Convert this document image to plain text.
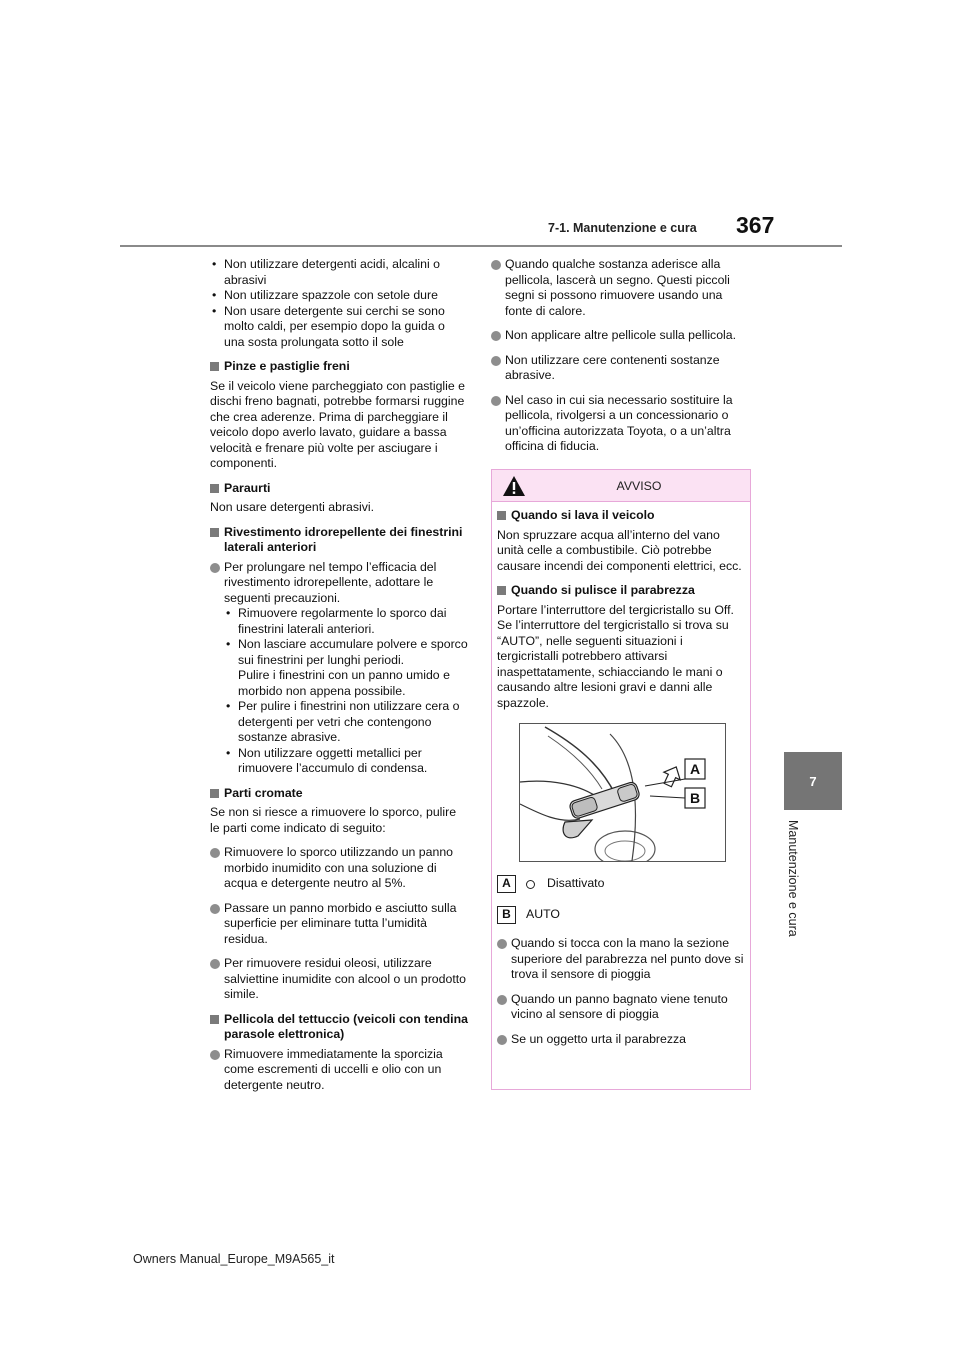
7-1. Manutenzione e cura 367
7
Manutenzione e cura

• Non utilizzare detergenti acidi, alcalini o abrasivi

• Non utilizzare spazzole con setole dure

• Non usare detergente sui cerchi se sono molto caldi, per esempio dopo la guida o una sosta prolungata sotto il sole

Pinze e pastiglie freni

Se il veicolo viene parcheggiato con pastiglie e dischi freno bagnati, potrebbe formarsi ruggine che crea aderenze. Prima di parcheggiare il veicolo dopo averlo lavato, guidare a bassa velocità e frenare più volte per asciugare i componenti.

Paraurti

Non usare detergenti abrasivi.

Rivestimento idrorepellente dei finestrini laterali anteriori

Per prolungare nel tempo l’efficacia del rivestimento idrorepellente, adottare le seguenti precauzioni.

• Rimuovere regolarmente lo sporco dai finestrini laterali anteriori.

• Non lasciare accumulare polvere e sporco sui finestrini per lunghi periodi.

Pulire i finestrini con un panno umido e morbido non appena possibile.

• Per pulire i finestrini non utilizzare cera o detergenti per vetri che contengono sostanze abrasive.

• Non utilizzare oggetti metallici per rimuovere l’accumulo di condensa.

Parti cromate

Se non si riesce a rimuovere lo sporco, pulire le parti come indicato di seguito:

Rimuovere lo sporco utilizzando un panno morbido inumidito con una soluzione di acqua e detergente neutro al 5%.

Passare un panno morbido e asciutto sulla superficie per eliminare tutta l’umidità residua.

Per rimuovere residui oleosi, utilizzare salviettine inumidite con alcool o un prodotto simile.

Pellicola del tettuccio (veicoli con tendina parasole elettronica)

Rimuovere immediatamente la sporcizia come escrementi di uccelli e olio con un detergente neutro.

Quando qualche sostanza aderisce alla pellicola, lascerà un segno. Questi piccoli segni si possono rimuovere usando una fonte di calore.

Non applicare altre pellicole sulla pellicola.

Non utilizzare cere contenenti sostanze abrasive.

Nel caso in cui sia necessario sostituire la pellicola, rivolgersi a un concessionario o un’officina autorizzata Toyota, o a un’altra officina di fiducia.

AVVISO
Quando si lava il veicolo

Non spruzzare acqua all’interno del vano unità celle a combustibile. Ciò potrebbe causare incendi dei componenti elettrici, ecc.

Quando si pulisce il parabrezza

Portare l’interruttore del tergicristallo su Off.

Se l’interruttore del tergicristallo si trova su “AUTO”, nelle seguenti situazioni i tergicristalli potrebbero attivarsi inaspettatamente, schiacciando le mani o causando altre lesioni gravi e danni alle spazzole.

A
B
A	Disattivato
B	AUTO

Quando si tocca con la mano la sezione superiore del parabrezza nel punto dove si trova il sensore di pioggia

Quando un panno bagnato viene tenuto vicino al sensore di pioggia

Se un oggetto urta il parabrezza

Owners Manual_Europe_M9A565_it
